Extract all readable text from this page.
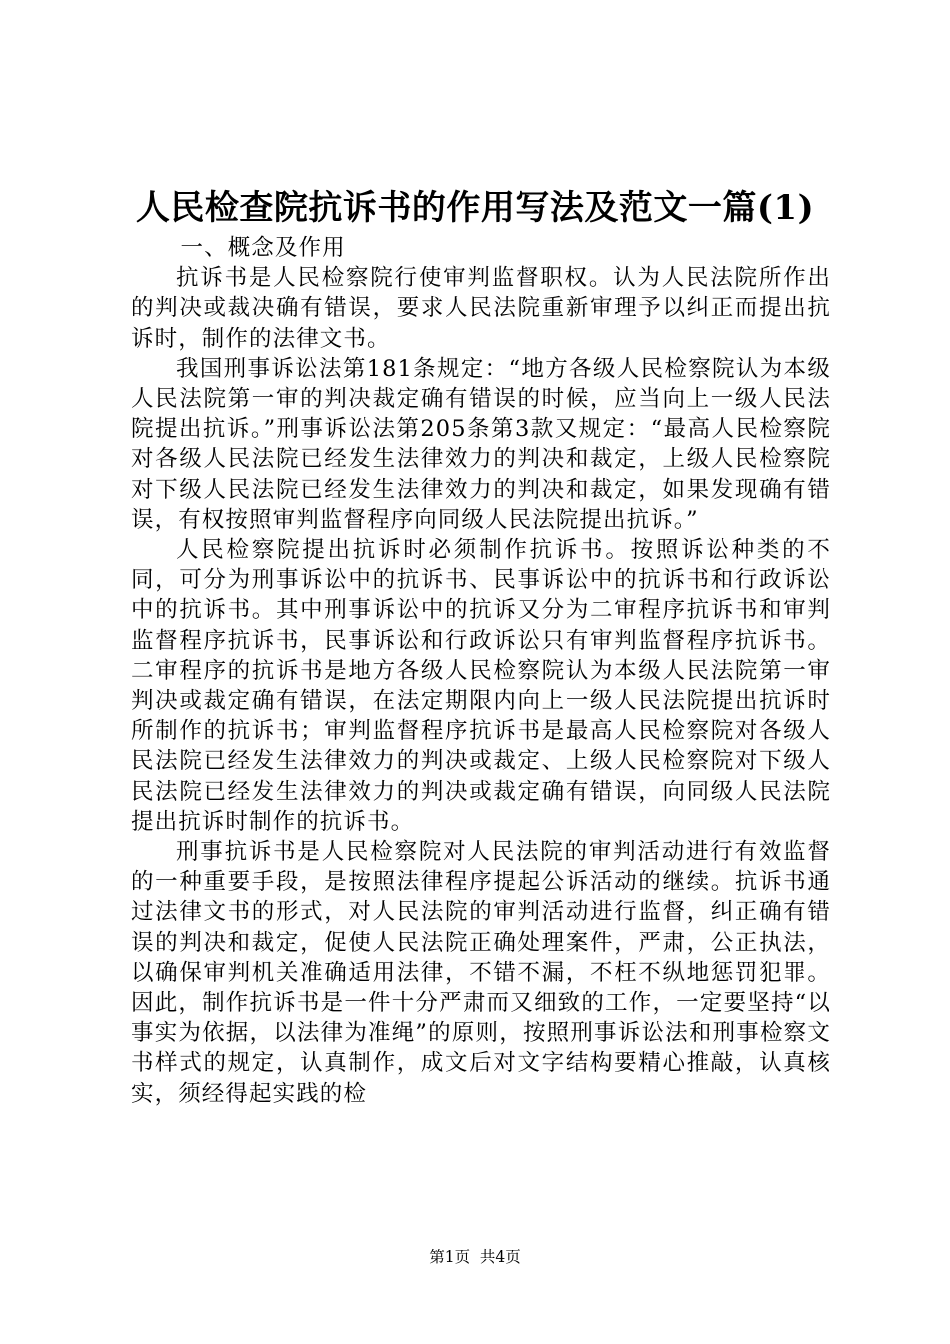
人民检查院抗诉书的作用写法及范文一篇(1)

一、概念及作用

抗诉书是人民检察院行使审判监督职权。认为人民法院所作出的判决或裁决确有错误，要求人民法院重新审理予以纠正而提出抗诉时，制作的法律文书。

我国刑事诉讼法第181条规定：“地方各级人民检察院认为本级人民法院第一审的判决裁定确有错误的时候，应当向上一级人民法院提出抗诉。”刑事诉讼法第205条第3款又规定：“最高人民检察院对各级人民法院已经发生法律效力的判决和裁定，上级人民检察院对下级人民法院已经发生法律效力的判决和裁定，如果发现确有错误，有权按照审判监督程序向同级人民法院提出抗诉。”

人民检察院提出抗诉时必须制作抗诉书。按照诉讼种类的不同，可分为刑事诉讼中的抗诉书、民事诉讼中的抗诉书和行政诉讼中的抗诉书。其中刑事诉讼中的抗诉又分为二审程序抗诉书和审判监督程序抗诉书，民事诉讼和行政诉讼只有审判监督程序抗诉书。二审程序的抗诉书是地方各级人民检察院认为本级人民法院第一审判决或裁定确有错误，在法定期限内向上一级人民法院提出抗诉时所制作的抗诉书；审判监督程序抗诉书是最高人民检察院对各级人民法院已经发生法律效力的判决或裁定、上级人民检察院对下级人民法院已经发生法律效力的判决或裁定确有错误，向同级人民法院提出抗诉时制作的抗诉书。

刑事抗诉书是人民检察院对人民法院的审判活动进行有效监督的一种重要手段，是按照法律程序提起公诉活动的继续。抗诉书通过法律文书的形式，对人民法院的审判活动进行监督，纠正确有错误的判决和裁定，促使人民法院正确处理案件，严肃，公正执法，以确保审判机关准确适用法律，不错不漏，不枉不纵地惩罚犯罪。因此，制作抗诉书是一件十分严肃而又细致的工作，一定要坚持“以事实为依据，以法律为准绳”的原则，按照刑事诉讼法和刑事检察文书样式的规定，认真制作，成文后对文字结构要精心推敲，认真核实，须经得起实践的检

第1页  共4页
